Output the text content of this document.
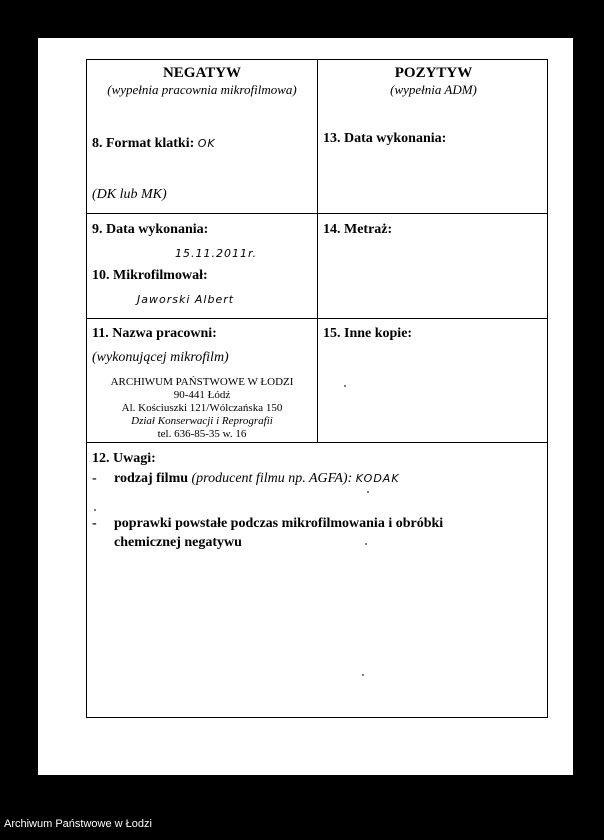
NEGATYW
(wypełnia pracownia mikrofilmowa)
POZYTYW
(wypełnia ADM)
8. Format klatki: OK
(DK lub MK)
13. Data wykonania:
9. Data wykonania:
15.11.2011r.
10. Mikrofilmował:
Jaworski Albert
14. Metraż:
11. Nazwa pracowni:
(wykonującej mikrofilm)
ARCHIWUM PAŃSTWOWE W ŁODZI
90-441 Łódź
Al. Kościuszki 121/Wólczańska 150
Dział Konserwacji i Reprografii
tel. 636-85-35 w. 16
15. Inne kopie:
12. Uwagi:
- rodzaj filmu (producent filmu np. AGFA): KODAK
- poprawki powstałe podczas mikrofilmowania i obróbki
chemicznej negatywu
Archiwum Państwowe w Łodzi
